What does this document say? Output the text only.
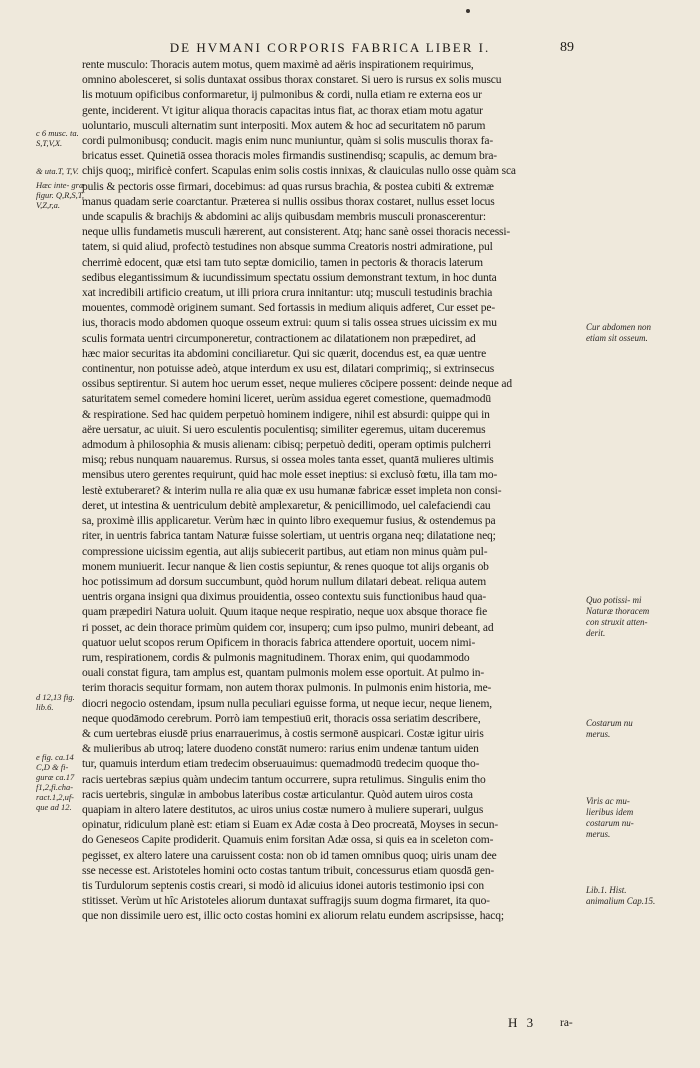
DE HVMANI CORPORIS FABRICA LIBER I.	89
rente musculo: Thoracis autem motus, quem maximè ad aëris inspirationem requirimus,
omnino abolesceret, si solis duntaxat ossibus thorax constaret. Si uero is rursus ex solis muscu
lis motuum opificibus conformaretur, ij pulmonibus & cordi, nulla etiam re externa eos ur
gente, inciderent. Vt igitur aliqua thoracis capacitas intus fiat, ac thorax etiam motu agatur
uoluntario, musculi alternatim sunt interpositi. Mox autem & hoc ad securitatem nō parum
cordi pulmonibusq; conducit. magis enim nunc muniuntur, quàm si solis musculis thorax fa-
bricatus esset. Quinetiā ossea thoracis moles firmandis sustinendisq; scapulis, ac demum bra-
chijs quoq;, mirificè confert. Scapulas enim solis costis innixas, & clauiculas nullo osse quàm sca
pulis & pectoris osse firmari, docebimus: ad quas rursus brachia, & postea cubiti & extremæ
manus quadam serie coarctantur. Præterea si nullis ossibus thorax costaret, nullus esset locus
unde scapulis & brachijs & abdomini ac alijs quibusdam membris musculi pronascerentur:
neque ullis fundametis musculi hærerent, aut consisterent. Atq; hanc sanè ossei thoracis necessi-
tatem, si quid aliud, profectò testudines non absque summa Creatoris nostri admiratione, pul
cherrimè edocent, quæ etsi tam tuto septæ domicilio, tamen in pectoris & thoracis laterum
sedibus elegantissimum & iucundissimum spectatu ossium demonstrant textum, in hoc dunta
xat incredibili artificio creatum, ut illi priora crura innitantur: utq; musculi testudinis brachia
mouentes, commodè originem sumant. Sed fortassis in medium aliquis adferet, Cur esset pe-
ius, thoracis modo abdomen quoque osseum extrui: quum si talis ossea strues uicissim ex mu
sculis formata uentri circumponeretur, contractionem ac dilatationem non præpediret, ad
hæc maior securitas ita abdomini conciliaretur. Qui sic quærit, docendus est, ea quæ uentre
continentur, non potuisse adeò, atque interdum ex usu est, dilatari comprimiq;, si extrinsecus
ossibus septirentur. Si autem hoc uerum esset, neque mulieres cōcipere possent: deinde neque ad
saturitatem semel comedere homini liceret, uerùm assidua egeret comestione, quemadmodū
& respiratione. Sed hac quidem perpetuò hominem indigere, nihil est absurdi: quippe qui in
aëre uersatur, ac uiuit. Si uero esculentis poculentisq; similiter egeremus, uitam duceremus
admodum à philosophia & musis alienam: cibisq; perpetuò dediti, operam optimis pulcherri
misq; rebus nunquam nauaremus. Rursus, si ossea moles tanta esset, quantā mulieres ultimis
mensibus utero gerentes requirunt, quid hac mole esset ineptius: si exclusò fœtu, illa tam mo-
lestè extuberaret? & interim nulla re alia quæ ex usu humanæ fabricæ esset impleta non consi-
deret, ut intestina & uentriculum debitè amplexaretur, & penicillimodo, uel calefaciendi cau
sa, proximè illis applicaretur. Verùm hæc in quinto libro exequemur fusius, & ostendemus pa
riter, in uentris fabrica tantam Naturæ fuisse solertiam, ut uentris organa neq; dilatatione neq;
compressione uicissim egentia, aut alijs subiecerit partibus, aut etiam non minus quàm pul-
monem muniuerit. Iecur nanque & lien costis sepiuntur, & renes quoque tot alijs organis ob
hoc potissimum ad dorsum succumbunt, quòd horum nullum dilatari debeat. reliqua autem
uentris organa insigni qua diximus prouidentia, osseo contextu suis functionibus haud qua-
quam præpediri Natura uoluit. Quum itaque neque respiratio, neque uox absque thorace fie
ri posset, ac dein thorace primùm quidem cor, insuperq; cum ipso pulmo, muniri debeant, ad
quatuor uelut scopos rerum Opificem in thoracis fabrica attendere oportuit, uocem nimi-
rum, respirationem, cordis & pulmonis magnitudinem. Thorax enim, qui quodammodo
ouali constat figura, tam amplus est, quantam pulmonis molem esse oportuit. At pulmo in-
terim thoracis sequitur formam, non autem thorax pulmonis. In pulmonis enim historia, me-
diocri negocio ostendam, ipsum nulla peculiari eguisse forma, ut neque iecur, neque lienem,
neque quodāmodo cerebrum. Porrò iam tempestiuū erit, thoracis ossa seriatim describere,
& cum uertebras eiusdē prius enarrauerimus, à costis sermonē auspicari. Costæ igitur uiris
& mulieribus ab utroq; latere duodeno constāt numero: rarius enim undenæ tantum uiden
tur, quamuis interdum etiam tredecim obseruauimus: quemadmodū tredecim quoque tho-
racis uertebras sæpius quàm undecim tantum occurrere, supra retulimus. Singulis enim tho
racis uertebris, singulæ in ambobus lateribus costæ articulantur. Quòd autem uiros costa
quapiam in altero latere destitutos, ac uiros unius costæ numero à muliere superari, uulgus
opinatur, ridiculum planè est: etiam si Euam ex Adæ costa à Deo procreatā, Moyses in secun-
do Geneseos Capite prodiderit. Quamuis enim forsitan Adæ ossa, si quis ea in sceleton com-
pegisset, ex altero latere una caruissent costa: non ob id tamen omnibus quoq; uiris unam dee
sse necesse est. Aristoteles homini octo costas tantum tribuit, concessurus etiam quosdā gen-
tis Turdulorum septenis costis creari, si modò id alicuius idonei autoris testimonio ipsi con
stitisset. Verùm ut hîc Aristoteles aliorum duntaxat suffragijs suum dogma firmaret, ita quo-
que non dissimile uero est, illic octo costas homini ex aliorum relatu eundem ascripsisse, hacq;
c 6 musc. ta. S,T,V,X.
& uta.T, T,V.
Hæc inte- græ figur. Q,R,S,T, V,Z,r,a.
d 12,13 fig. lib.6.
e fig. ca.14 C,D & fi- guræ ca.17 f1,2,fi.cha- ract.1,2,uf- que ad 12.
Cur abdomen non etiam sit osseum.
Quo potissi- mi Naturæ thoracem con struxit atten- derit.
Costarum nu merus.
Viris ac mu- lieribus idem costarum nu- merus.
Lib.1. Hist. animalium Cap.15.
H 3 ra-
